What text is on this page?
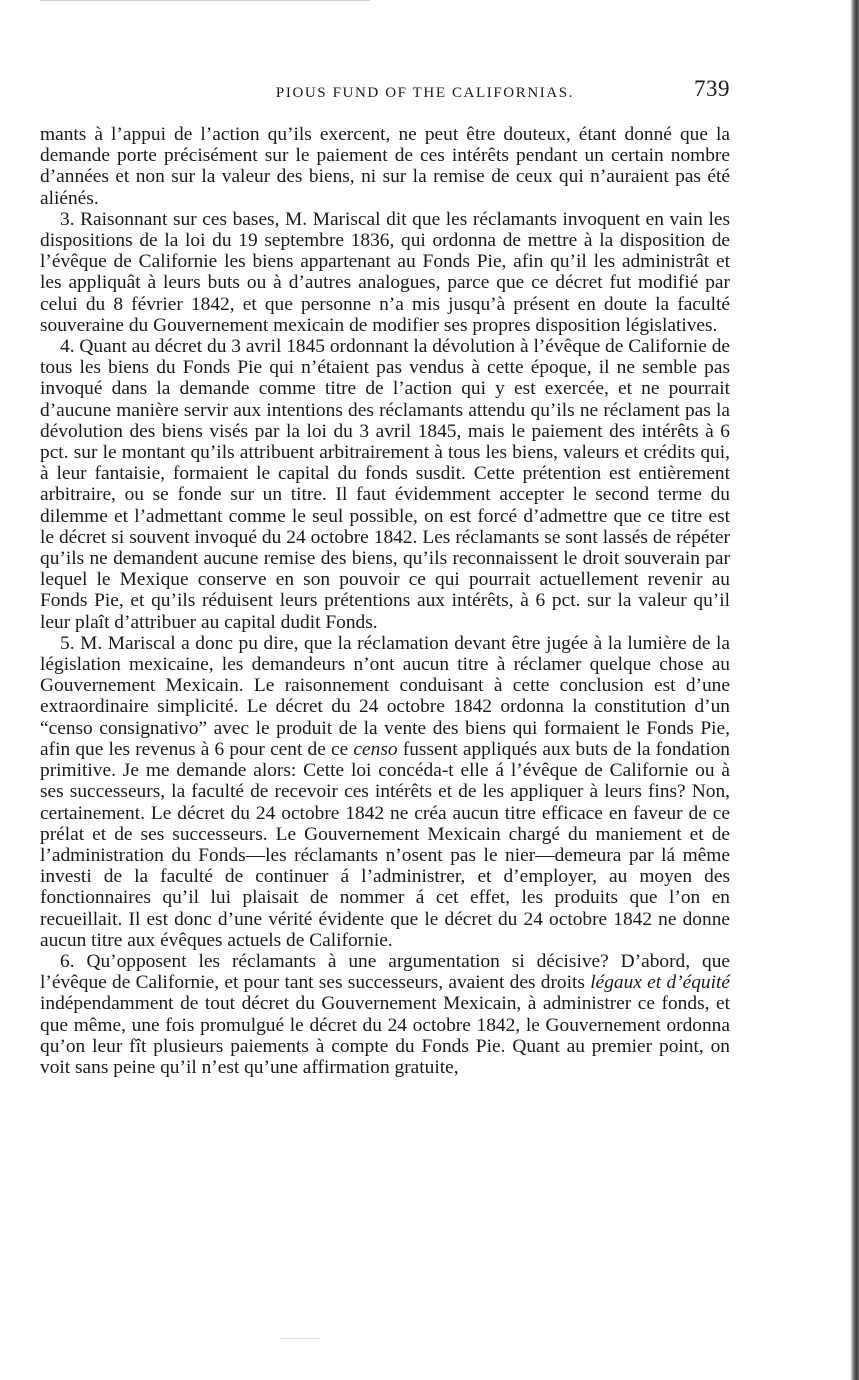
PIOUS FUND OF THE CALIFORNIAS.	739

mants à l’appui de l’action qu’ils exercent, ne peut être douteux, étant donné que la demande porte précisément sur le paiement de ces intérêts pendant un certain nombre d’années et non sur la valeur des biens, ni sur la remise de ceux qui n’auraient pas été aliénés.

3. Raisonnant sur ces bases, M. Mariscal dit que les réclamants invoquent en vain les dispositions de la loi du 19 septembre 1836, qui ordonna de mettre à la disposition de l’évêque de Californie les biens appartenant au Fonds Pie, afin qu’il les administrât et les appliquât à leurs buts ou à d’autres analogues, parce que ce décret fut modifié par celui du 8 février 1842, et que personne n’a mis jusqu’à présent en doute la faculté souveraine du Gouvernement mexicain de modifier ses propres disposition législatives.

4. Quant au décret du 3 avril 1845 ordonnant la dévolution à l’évêque de Californie de tous les biens du Fonds Pie qui n’étaient pas vendus à cette époque, il ne semble pas invoqué dans la demande comme titre de l’action qui y est exercée, et ne pourrait d’aucune manière servir aux intentions des réclamants attendu qu’ils ne réclament pas la dévolution des biens visés par la loi du 3 avril 1845, mais le paiement des intérêts à 6 pct. sur le montant qu’ils attribuent arbitrairement à tous les biens, valeurs et crédits qui, à leur fantaisie, formaient le capital du fonds susdit. Cette prétention est entièrement arbitraire, ou se fonde sur un titre. Il faut évidemment accepter le second terme du dilemme et l’admettant comme le seul possible, on est forcé d’admettre que ce titre est le décret si souvent invoqué du 24 octobre 1842. Les réclamants se sont lassés de répéter qu’ils ne demandent aucune remise des biens, qu’ils reconnaissent le droit souverain par lequel le Mexique conserve en son pouvoir ce qui pourrait actuellement revenir au Fonds Pie, et qu’ils réduisent leurs prétentions aux intérêts, à 6 pct. sur la valeur qu’il leur plaît d’attribuer au capital dudit Fonds.

5. M. Mariscal a donc pu dire, que la réclamation devant être jugée à la lumière de la législation mexicaine, les demandeurs n’ont aucun titre à réclamer quelque chose au Gouvernement Mexicain. Le raisonnement conduisant à cette conclusion est d’une extraordinaire simplicité. Le décret du 24 octobre 1842 ordonna la constitution d’un “censo consignativo” avec le produit de la vente des biens qui formaient le Fonds Pie, afin que les revenus à 6 pour cent de ce censo fussent appliqués aux buts de la fondation primitive. Je me demande alors: Cette loi concéda-t elle á l’évêque de Californie ou à ses successeurs, la faculté de recevoir ces intérêts et de les appliquer à leurs fins? Non, certainement. Le décret du 24 octobre 1842 ne créa aucun titre efficace en faveur de ce prélat et de ses successeurs. Le Gouvernement Mexicain chargé du maniement et de l’administration du Fonds—les réclamants n’osent pas le nier—demeura par lá même investi de la faculté de continuer á l’administrer, et d’employer, au moyen des fonctionnaires qu’il lui plaisait de nommer á cet effet, les produits que l’on en recueillait. Il est donc d’une vérité évidente que le décret du 24 octobre 1842 ne donne aucun titre aux évêques actuels de Californie.

6. Qu’opposent les réclamants à une argumentation si décisive? D’abord, que l’évêque de Californie, et pour tant ses successeurs, avaient des droits légaux et d’équité indépendamment de tout décret du Gouvernement Mexicain, à administrer ce fonds, et que même, une fois promulgué le décret du 24 octobre 1842, le Gouvernement ordonna qu’on leur fît plusieurs paiements à compte du Fonds Pie. Quant au premier point, on voit sans peine qu’il n’est qu’une affirmation gratuite,
